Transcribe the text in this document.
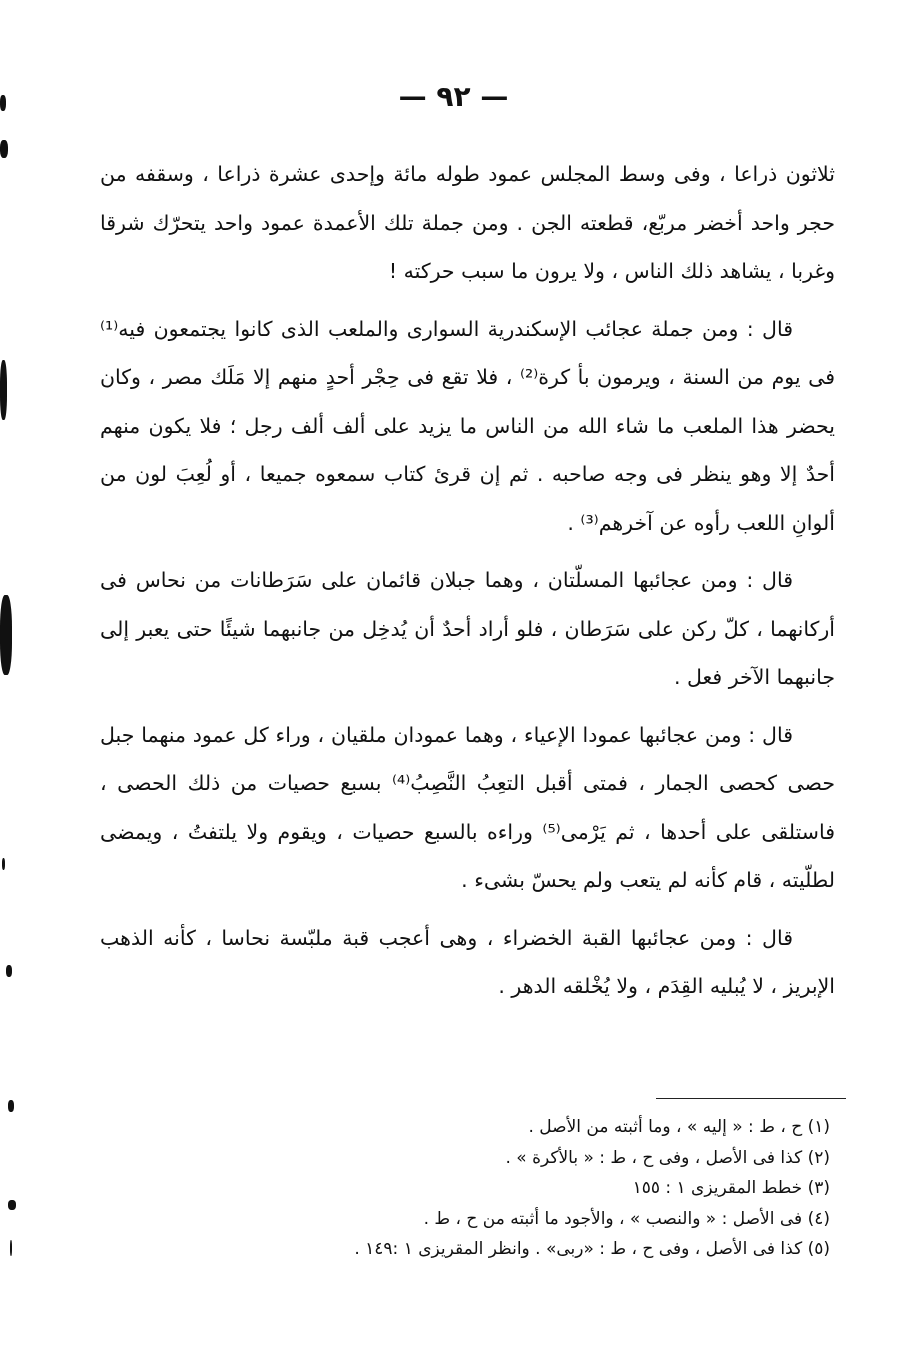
— ٩٢ —

ثلاثون ذراعا ، وفى وسط المجلس عمود طوله مائة وإحدى عشرة ذراعا ، وسقفه من حجر واحد أخضر مربّع، قطعته الجن . ومن جملة تلك الأعمدة عمود واحد يتحرّك شرقا وغربا ، يشاهد ذلك الناس ، ولا يرون ما سبب حركته !

قال : ومن جملة عجائب الإسكندرية السوارى والملعب الذى كانوا يجتمعون فيه⁽¹⁾ فى يوم من السنة ، ويرمون بأ كرة⁽²⁾ ، فلا تقع فى حِجْر أحدٍ منهم إلا مَلَك مصر ، وكان يحضر هذا الملعب ما شاء الله من الناس ما يزيد على ألف ألف رجل ؛ فلا يكون منهم أحدٌ إلا وهو ينظر فى وجه صاحبه . ثم إن قرئ كتاب سمعوه جميعا ، أو لُعِبَ لون من ألوانِ اللعب رأوه عن آخرهم⁽³⁾ .

قال : ومن عجائبها المسلّتان ، وهما جبلان قائمان على سَرَطانات من نحاس فى أركانهما ، كلّ ركن على سَرَطان ، فلو أراد أحدٌ أن يُدخِل من جانبهما شيئًا حتى يعبر إلى جانبهما الآخر فعل .

قال : ومن عجائبها عمودا الإعياء ، وهما عمودان ملقيان ، وراء كل عمود منهما جبل حصى كحصى الجمار ، فمتى أقبل التعِبُ النَّصِبُ⁽⁴⁾ بسبع حصيات من ذلك الحصى ، فاستلقى على أحدها ، ثم يَرْمى⁽⁵⁾ وراءه بالسبع حصيات ، ويقوم ولا يلتفتُ ، ويمضى لطلّيته ، قام كأنه لم يتعب ولم يحسّ بشىء .

قال : ومن عجائبها القبة الخضراء ، وهى أعجب قبة ملبّسة نحاسا ، كأنه الذهب الإبريز ، لا يُبليه القِدَم ، ولا يُخْلقه الدهر .

(١) ح ، ط : « إليه » ، وما أثبته من الأصل .

(٢) كذا فى الأصل ، وفى ح ، ط : « بالأكرة » .

(٣) خطط المقريزى ١ : ١٥٥

(٤) فى الأصل : « والنصب » ، والأجود ما أثبته من ح ، ط .

(٥) كذا فى الأصل ، وفى ح ، ط : «ربى» . وانظر المقريزى ١ :١٤٩ .
